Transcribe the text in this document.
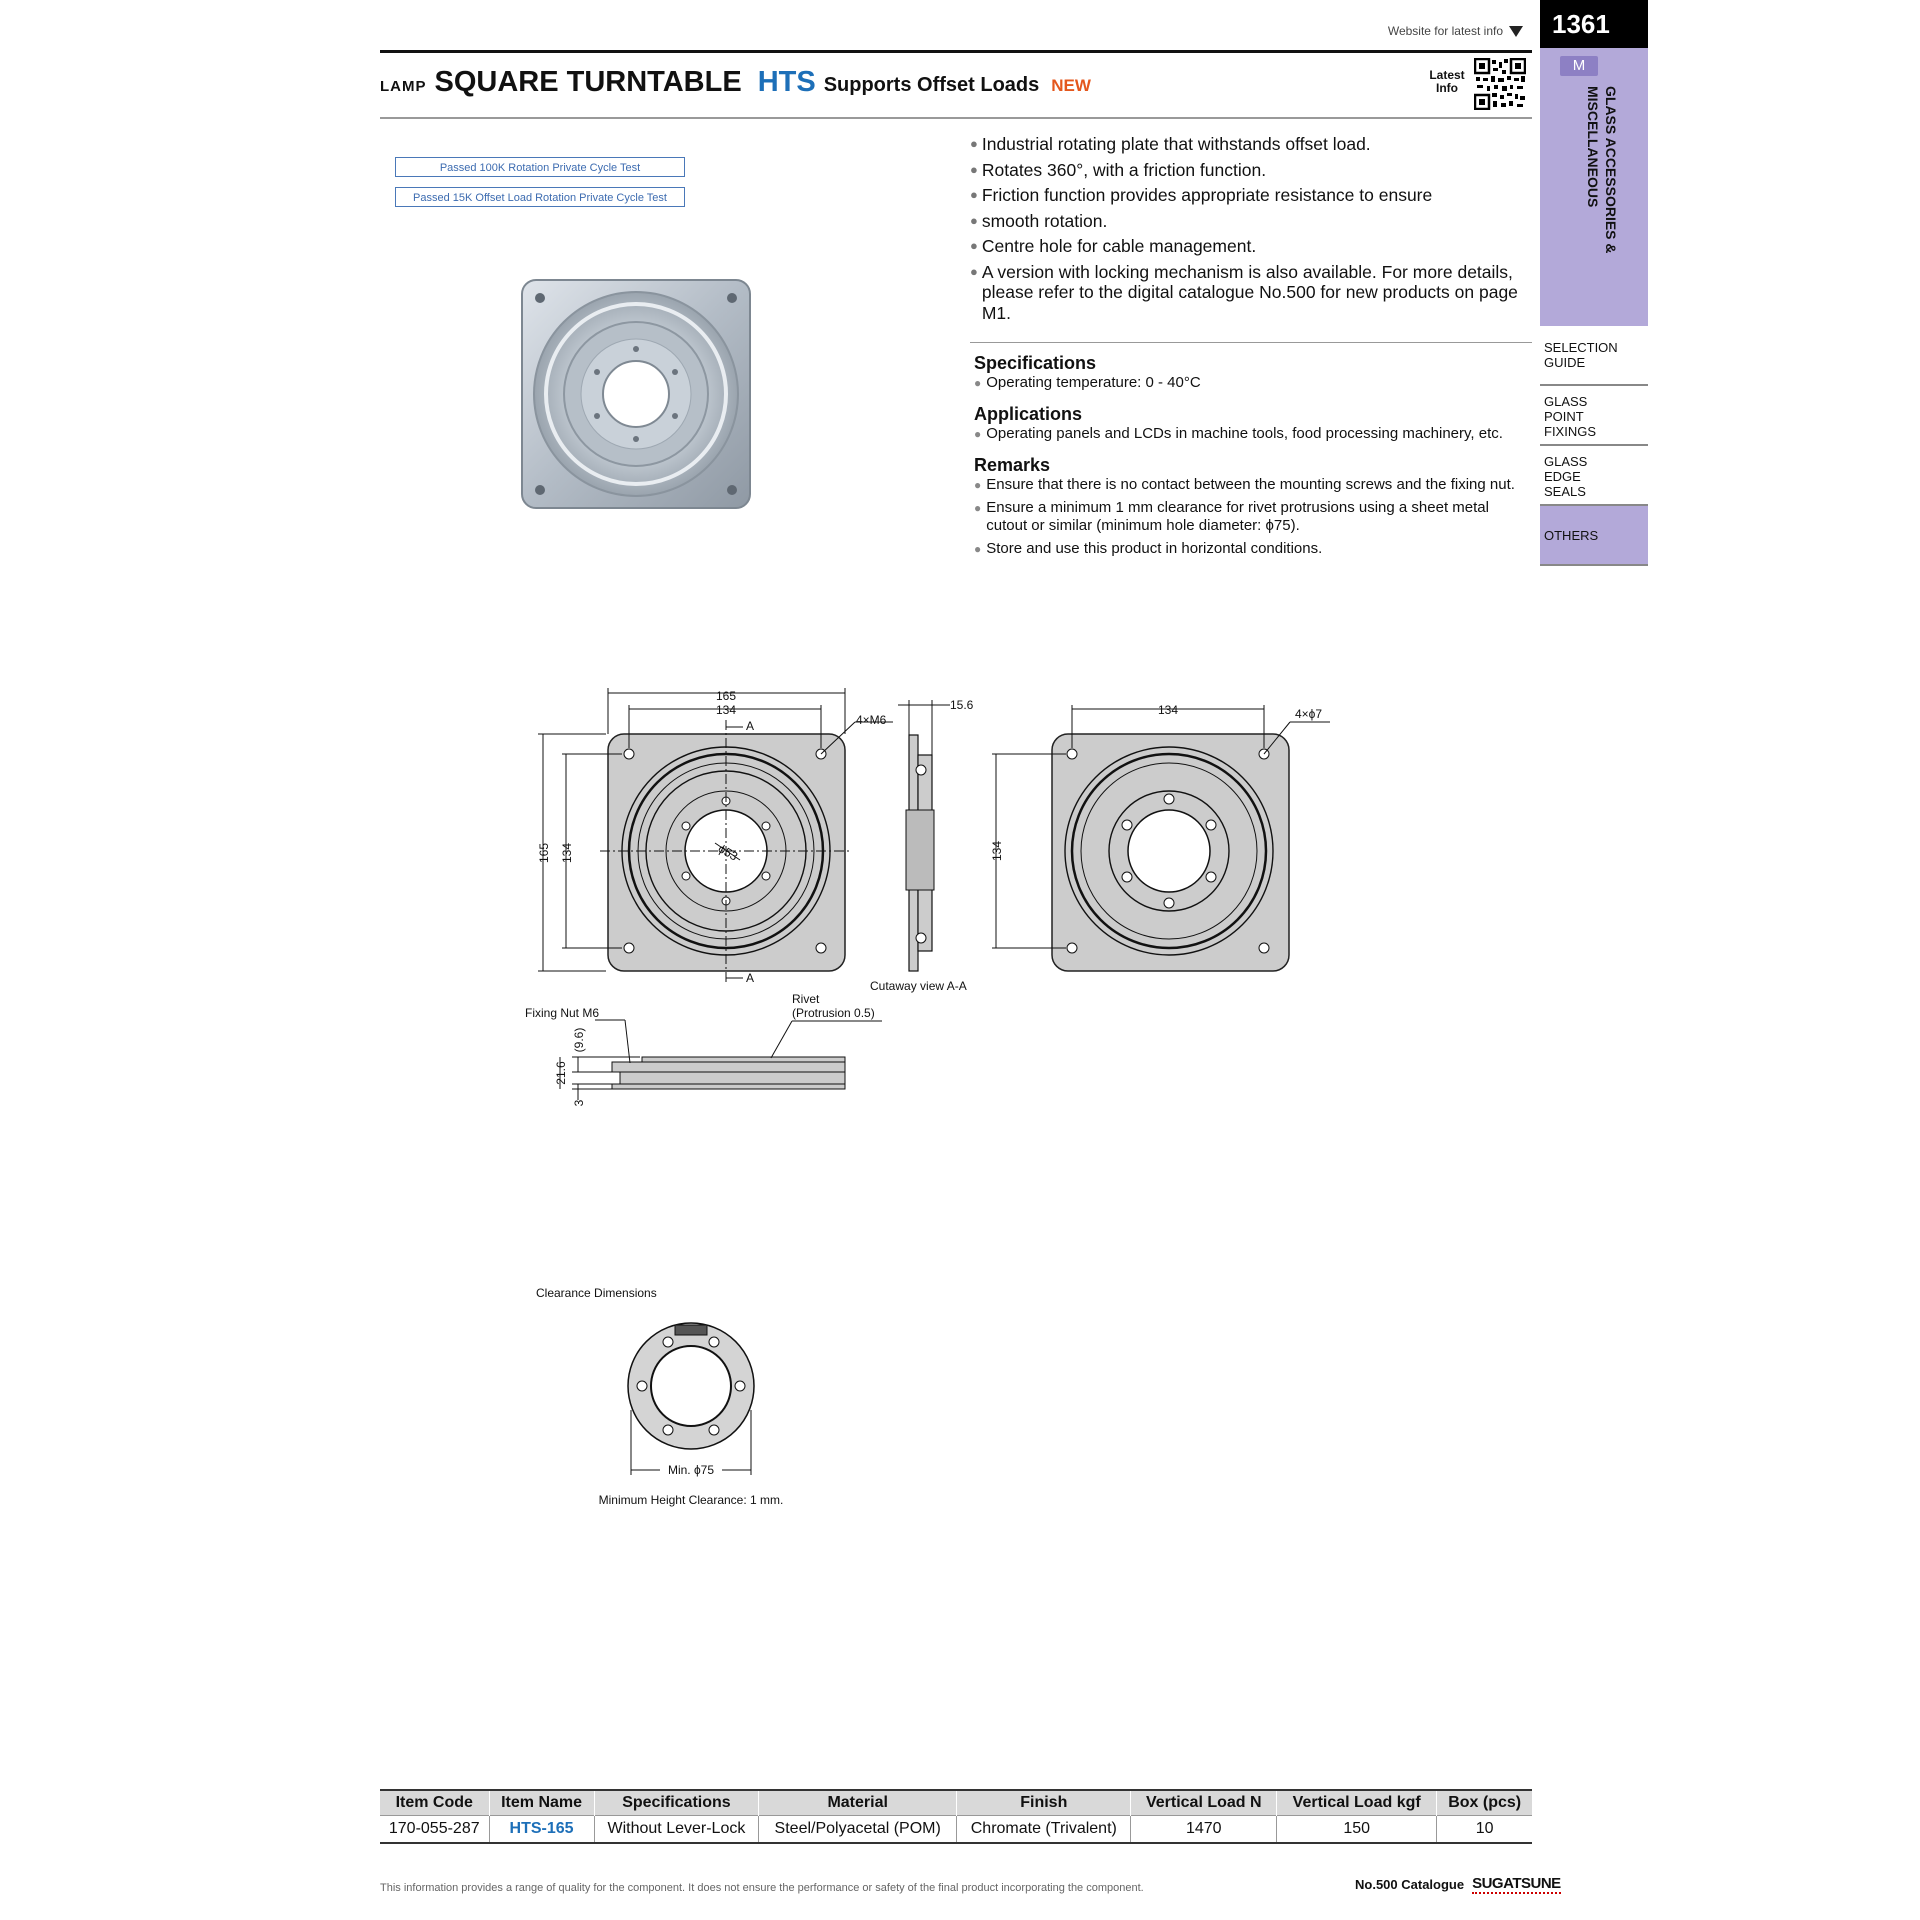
Website for latest info	1361
LAMP SQUARE TURNTABLE HTS Supports Offset Loads NEW
Latest
Info
M
GLASS ACCESSORIES &
MISCELLANEOUS
SELECTION
GUIDE
GLASS
POINT
FIXINGS
GLASS
EDGE
SEALS
OTHERS
Passed 100K Rotation Private Cycle Test
Passed 15K Offset Load Rotation Private Cycle Test
● Industrial rotating plate that withstands offset load.
● Rotates 360°, with a friction function.
● Friction function provides appropriate resistance to ensure
● smooth rotation.
● Centre hole for cable management.
● A version with locking mechanism is also available. For more details, please refer to the digital catalogue No.500 for new products on page M1.
Specifications
● Operating temperature: 0 - 40°C
Applications
● Operating panels and LCDs in machine tools, food processing machinery, etc.
Remarks
● Ensure that there is no contact between the mounting screws and the fixing nut.
● Ensure a minimum 1 mm clearance for rivet protrusions using a sheet metal cutout or similar (minimum hole diameter: ϕ75).
● Store and use this product in horizontal conditions.
165
134
A
A
4×M6
15.6
165 134	ϕ53
Cutaway view A-A
134	4×ϕ7
134
Fixing Nut M6
Rivet
(Protrusion 0.5)
(9.6)
21.6
3
Clearance Dimensions
Min. ϕ75
Minimum Height Clearance: 1 mm.
Item Code	Item Name	Specifications	Material	Finish	Vertical Load N	Vertical Load kgf	Box (pcs)
170-055-287	HTS-165	Without Lever-Lock	Steel/Polyacetal (POM)	Chromate (Trivalent)	1470	150	10
This information provides a range of quality for the component. It does not ensure the performance or safety of the final product incorporating the component.	No.500 Catalogue SUGATSUNE
